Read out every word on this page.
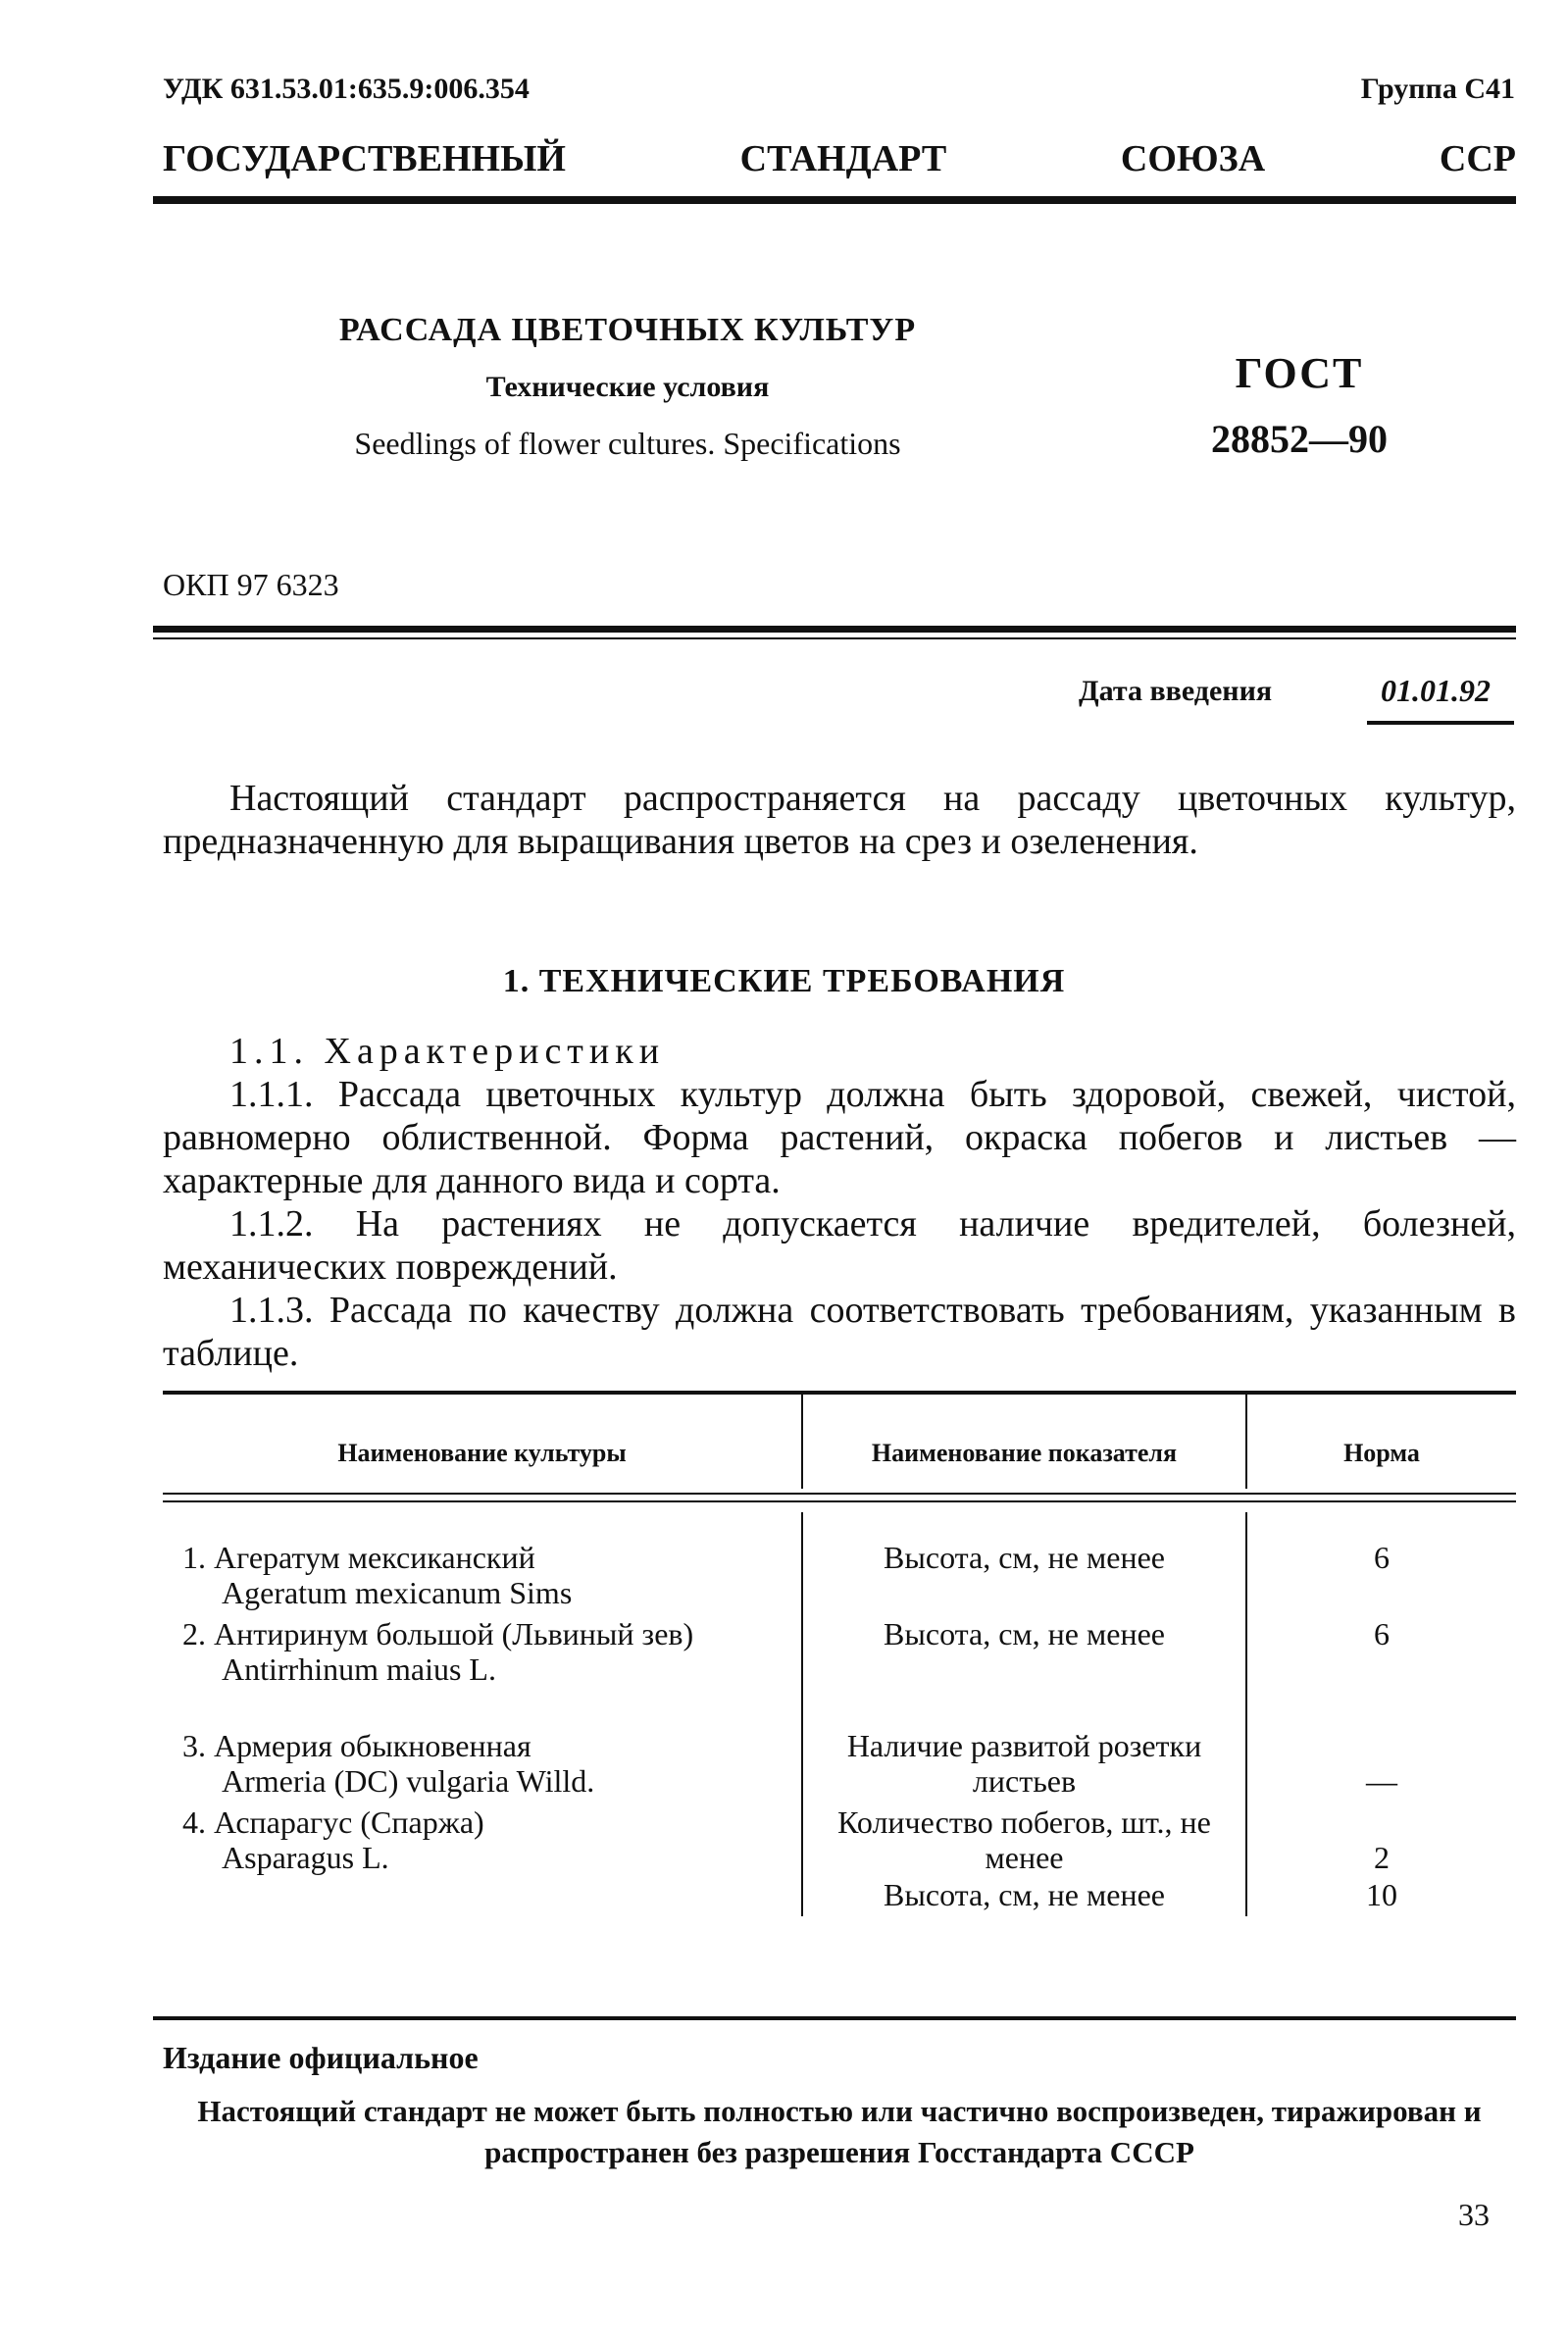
УДК 631.53.01:635.9:006.354	Группа С41
ГОСУДАРСТВЕННЫЙ СТАНДАРТ СОЮЗА ССР
РАССАДА ЦВЕТОЧНЫХ КУЛЬТУР
Технические условия
Seedlings of flower cultures. Specifications
ГОСТ
28852—90
ОКП 97 6323
Дата введения	01.01.92

Настоящий стандарт распространяется на рассаду цветочных культур, предназначенную для выращивания цветов на срез и озеленения.

1. ТЕХНИЧЕСКИЕ ТРЕБОВАНИЯ

1.1. Характеристики

1.1.1. Рассада цветочных культур должна быть здоровой, свежей, чистой, равномерно облиственной. Форма растений, окраска побегов и листьев — характерные для данного вида и сорта.

1.1.2. На растениях не допускается наличие вредителей, болезней, механических повреждений.

1.1.3. Рассада по качеству должна соответствовать требованиям, указанным в таблице.

Наименование культуры	Наименование показателя	Норма
1. Агератум мексиканский
Ageratum mexicanum Sims
Высота, см, не менее	6
2. Антиринум большой (Львиный зев)
Antirrhinum maius L.
Высота, см, не менее	6
3. Армерия обыкновенная
Armeria (DC) vulgaria Willd.
Наличие развитой розетки листьев	—
4. Аспарагус (Спаржа)
Asparagus L.
Количество побегов, шт., не менее	2
Высота, см, не менее	10
Издание официальное
Настоящий стандарт не может быть полностью или частично воспроизведен, тиражирован и распространен без разрешения Госстандарта СССР
33
